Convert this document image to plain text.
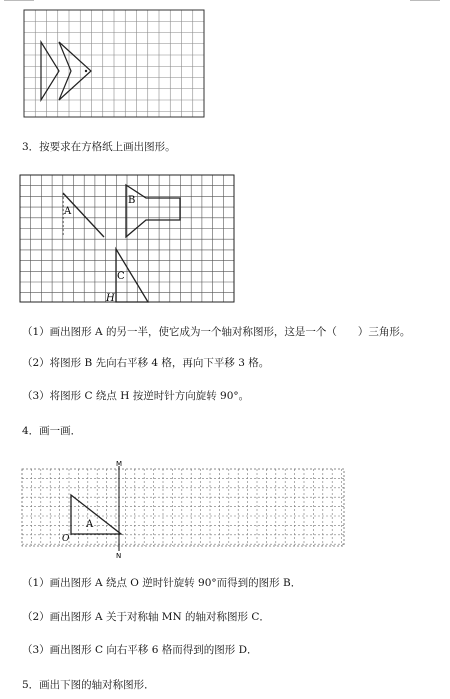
3．按要求在方格纸上画出图形。
A
B
C
H
（1）画出图形 A 的另一半，使它成为一个轴对称图形，这是一个（　　）三角形。
（2）将图形 B 先向右平移 4 格，再向下平移 3 格。
（3）将图形 C 绕点 H 按逆时针方向旋转 90°。
4．画一画．
M
N
A
O
（1）画出图形 A 绕点 O 逆时针旋转 90°而得到的图形 B．
（2）画出图形 A 关于对称轴 MN 的轴对称图形 C．
（3）画出图形 C 向右平移 6 格而得到的图形 D．
5．画出下图的轴对称图形．
